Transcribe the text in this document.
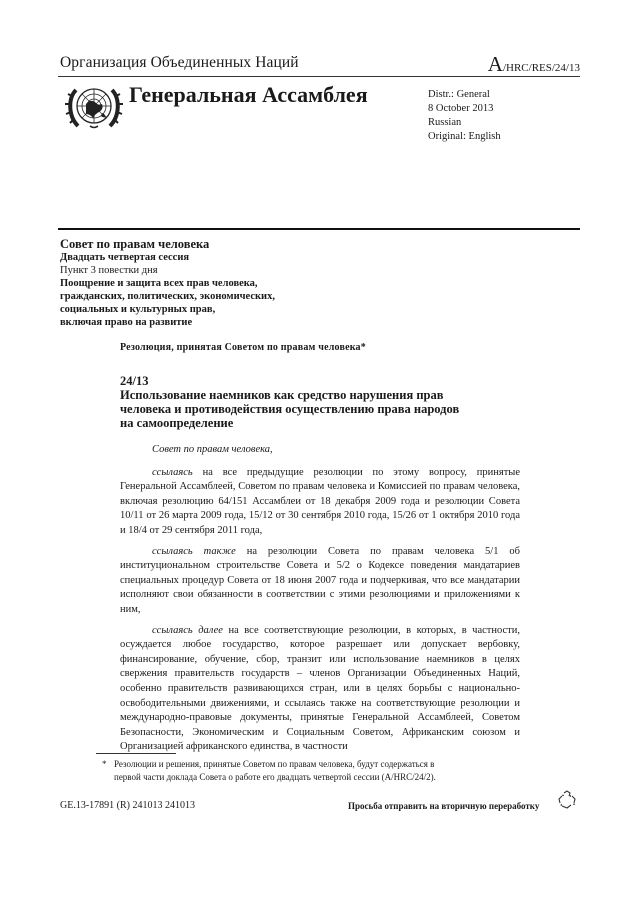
Организация Объединенных Наций	A/HRC/RES/24/13
Генеральная Ассамблея	Distr.: General
8 October 2013
Russian
Original: English
Совет по правам человека
Двадцать четвертая сессия
Пункт 3 повестки дня
Поощрение и защита всех прав человека,
гражданских, политических, экономических,
социальных и культурных прав,
включая право на развитие
Резолюция, принятая Советом по правам человека*
24/13
Использование наемников как средство нарушения прав
человека и противодействия осуществлению права народов
на самоопределение

Совет по правам человека,

ссылаясь на все предыдущие резолюции по этому вопросу, принятые Генеральной Ассамблеей, Советом по правам человека и Комиссией по правам человека, включая резолюцию 64/151 Ассамблеи от 18 декабря 2009 года и резолюции Совета 10/11 от 26 марта 2009 года, 15/12 от 30 сентября 2010 года, 15/26 от 1 октября 2010 года и 18/4 от 29 сентября 2011 года,

ссылаясь также на резолюции Совета по правам человека 5/1 об институциональном строительстве Совета и 5/2 о Кодексе поведения мандатариев специальных процедур Совета от 18 июня 2007 года и подчеркивая, что все мандатарии исполняют свои обязанности в соответствии с этими резолюциями и приложениями к ним,

ссылаясь далее на все соответствующие резолюции, в которых, в частности, осуждается любое государство, которое разрешает или допускает вербовку, финансирование, обучение, сбор, транзит или использование наемников в целях свержения правительств государств – членов Организации Объединенных Наций, особенно правительств развивающихся стран, или в целях борьбы с национально-освободительными движениями, и ссылаясь также на соответствующие резолюции и международно-правовые документы, принятые Генеральной Ассамблеей, Советом Безопасности, Экономическим и Социальным Советом, Африканским союзом и Организацией африканского единства, в частности

* Резолюции и решения, принятые Советом по правам человека, будут содержаться в
первой части доклада Совета о работе его двадцать четвертой сессии (A/HRC/24/2).
GE.13-17891 (R) 241013 241013	Просьба отправить на вторичную переработку
